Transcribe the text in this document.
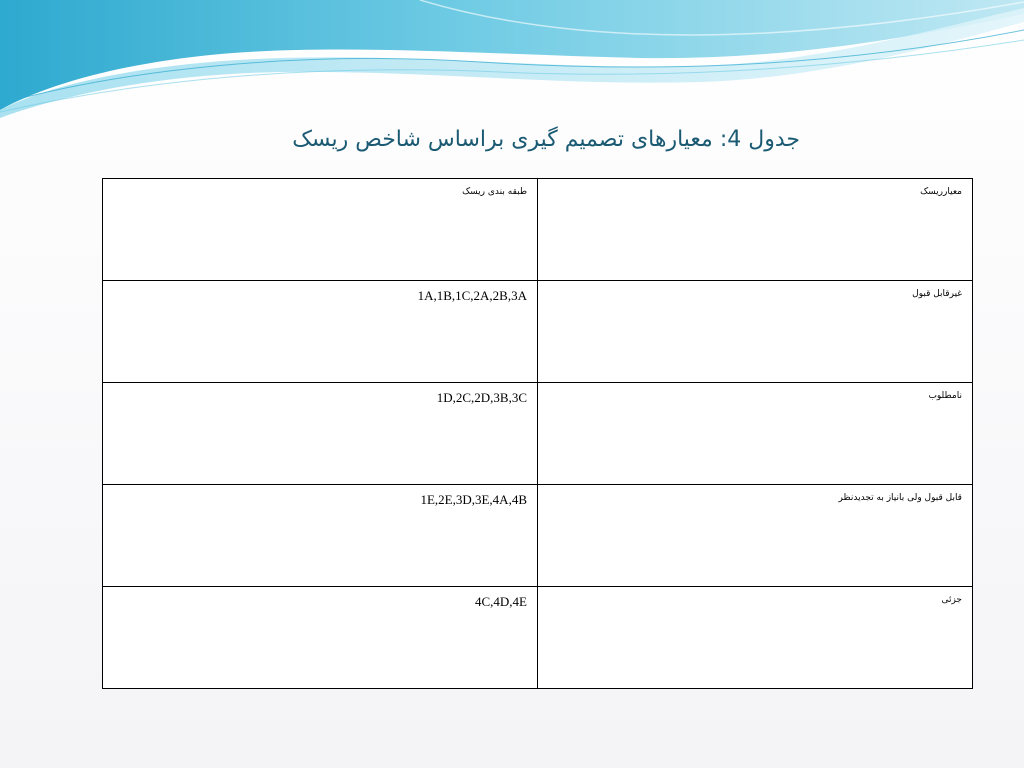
جدول 4: معیارهای تصمیم گیری براساس شاخص ریسک
معیارریسک	طبقه بندی ریسک
غیرقابل قبول	1A,1B,1C,2A,2B,3A
نامطلوب	1D,2C,2D,3B,3C
قابل قبول ولی بانیاز به تجدیدنظر	1E,2E,3D,3E,4A,4B
جزئی	4C,4D,4E
